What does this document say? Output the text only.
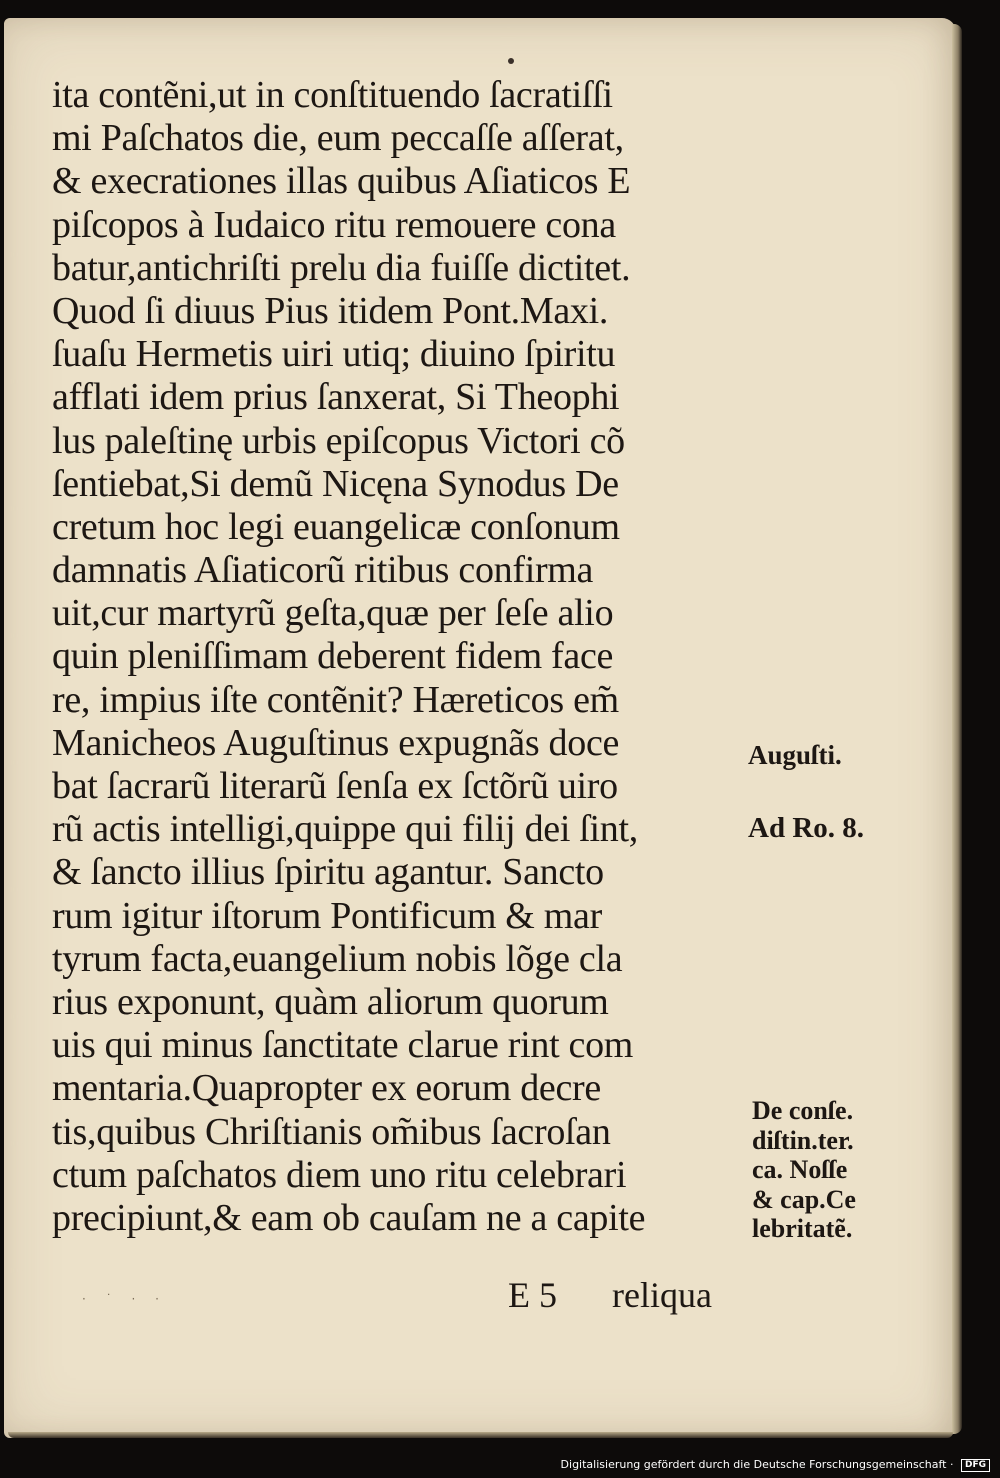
ita contẽni,ut in conſtituendo ſacratiſſi
mi Paſchatos die, eum peccaſſe aſſerat,
& execrationes illas quibus Aſiaticos E
piſcopos à Iudaico ritu remouere cona
batur,antichriſti prelu dia fuiſſe dictitet.
Quod ſi diuus Pius itidem Pont.Maxi.
ſuaſu Hermetis uiri utiq; diuino ſpiritu
afflati idem prius ſanxerat, Si Theophi
lus paleſtinę urbis epiſcopus Victori cõ
ſentiebat,Si demũ Nicęna Synodus De
cretum hoc legi euangelicæ conſonum
damnatis Aſiaticorũ ritibus confirma
uit,cur martyrũ geſta,quæ per ſeſe alio
quin pleniſſimam deberent fidem face
re, impius iſte contẽnit? Hæreticos em̃
Manicheos Auguſtinus expugnãs doce
bat ſacrarũ literarũ ſenſa ex ſctõrũ uiro
rũ actis intelligi,quippe qui filij dei ſint,
& ſancto illius ſpiritu agantur. Sancto
rum igitur iſtorum Pontificum & mar
tyrum facta,euangelium nobis lõge cla
rius exponunt, quàm aliorum quorum
uis qui minus ſanctitate clarue rint com
mentaria.Quapropter ex eorum decre
tis,quibus Chriſtianis om̃ibus ſacroſan
ctum paſchatos diem uno ritu celebrari
precipiunt,& eam ob cauſam ne a capite
Auguſti.
Ad Ro. 8.
De conſe.
diſtin.ter.
ca. Noſſe
& cap.Ce
lebritatẽ.
E 5 reliqua
· ˙ · ·
Digitalisierung gefördert durch die Deutsche Forschungsgemeinschaft · DFG
